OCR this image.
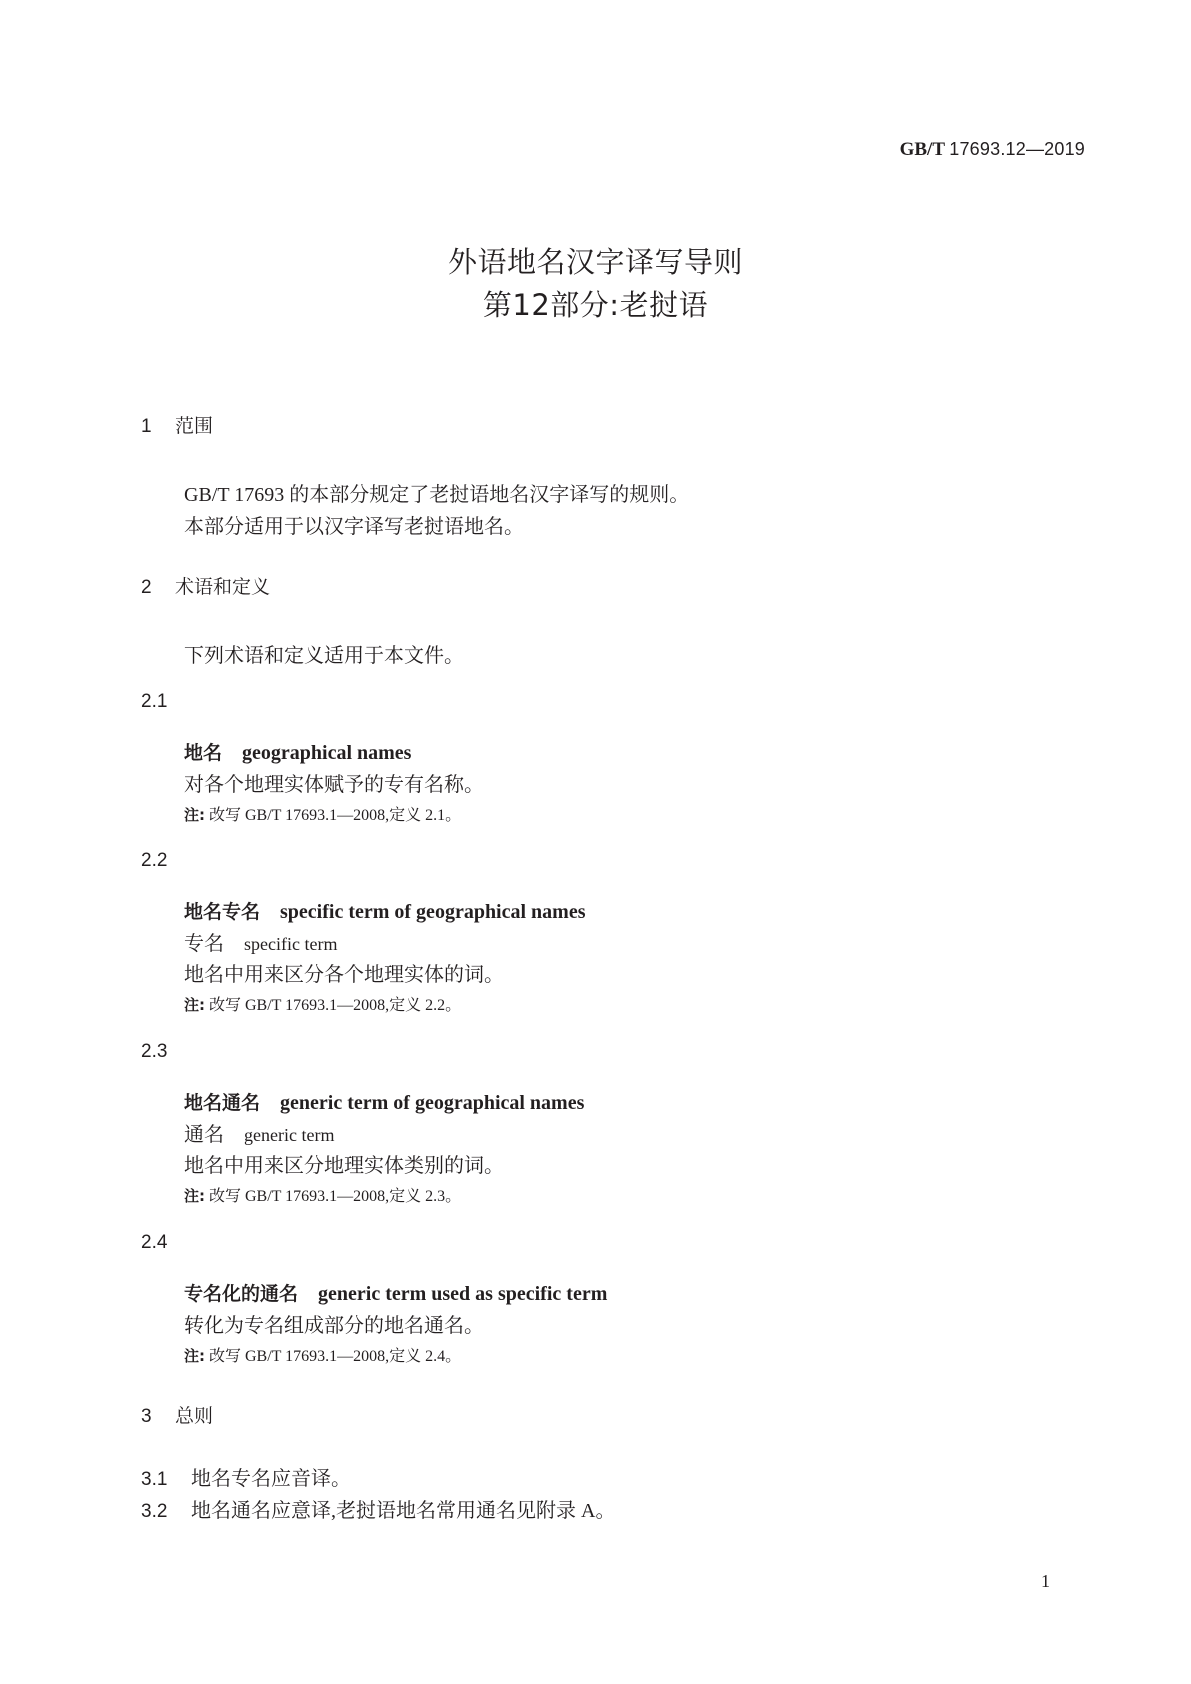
GB/T 17693.12—2019
外语地名汉字译写导则
第12部分:老挝语
1 范围
GB/T 17693 的本部分规定了老挝语地名汉字译写的规则。
本部分适用于以汉字译写老挝语地名。
2 术语和定义
下列术语和定义适用于本文件。
2.1
地名 geographical names
对各个地理实体赋予的专有名称。
注: 改写 GB/T 17693.1—2008,定义 2.1。
2.2
地名专名 specific term of geographical names
专名 specific term
地名中用来区分各个地理实体的词。
注: 改写 GB/T 17693.1—2008,定义 2.2。
2.3
地名通名 generic term of geographical names
通名 generic term
地名中用来区分地理实体类别的词。
注: 改写 GB/T 17693.1—2008,定义 2.3。
2.4
专名化的通名 generic term used as specific term
转化为专名组成部分的地名通名。
注: 改写 GB/T 17693.1—2008,定义 2.4。
3 总则
3.1 地名专名应音译。
3.2 地名通名应意译,老挝语地名常用通名见附录 A。
1
